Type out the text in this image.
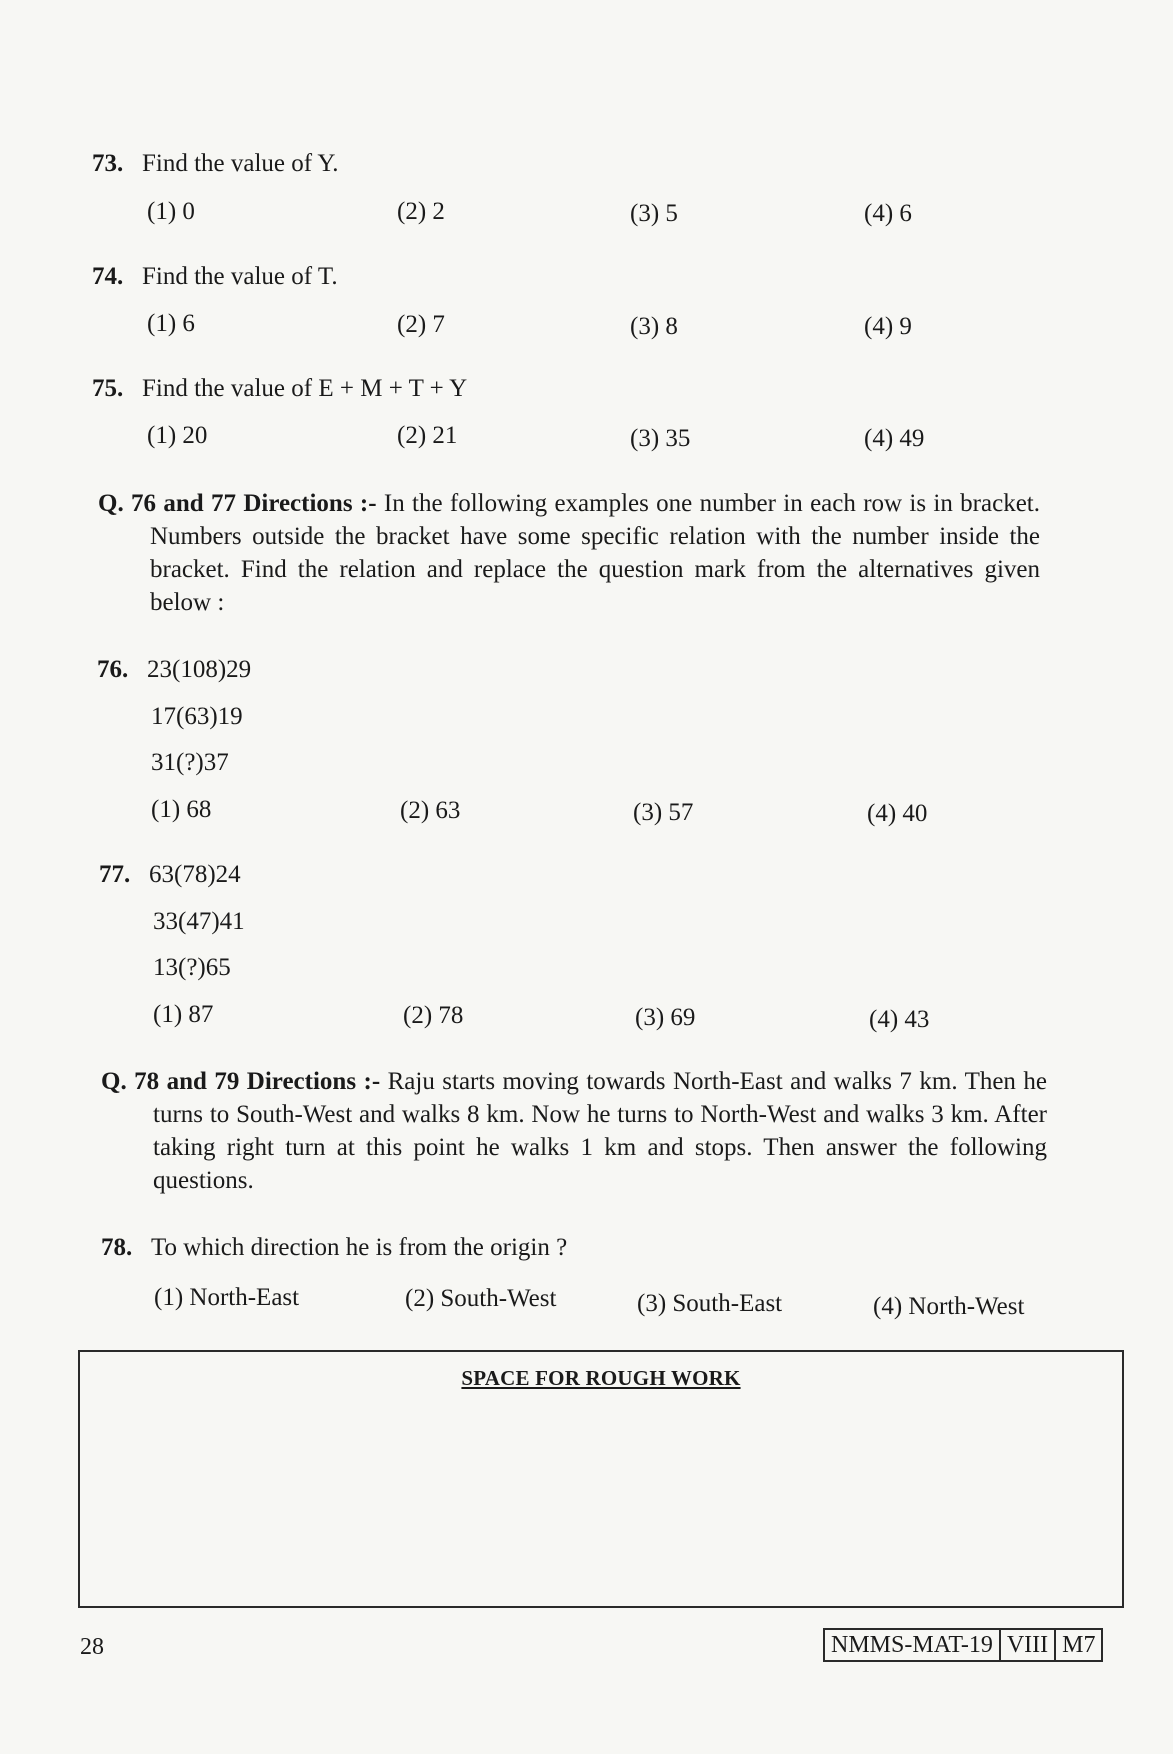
73. Find the value of Y.
(1) 0	(2) 2	(3) 5	(4) 6
74. Find the value of T.
(1) 6	(2) 7	(3) 8	(4) 9
75. Find the value of E + M + T + Y
(1) 20	(2) 21	(3) 35	(4) 49
Q. 76 and 77 Directions :- In the following examples one number in each row is in bracket. Numbers outside the bracket have some specific relation with the number inside the bracket. Find the relation and replace the question mark from the alternatives given below :
76. 23(108)29
17(63)19
31(?)37
(1) 68	(2) 63	(3) 57	(4) 40
77. 63(78)24
33(47)41
13(?)65
(1) 87	(2) 78	(3) 69	(4) 43
Q. 78 and 79 Directions :- Raju starts moving towards North-East and walks 7 km. Then he turns to South-West and walks 8 km. Now he turns to North-West and walks 3 km. After taking right turn at this point he walks 1 km and stops. Then answer the following questions.
78. To which direction he is from the origin ?
(1) North-East	(2) South-West	(3) South-East	(4) North-West
SPACE FOR ROUGH WORK
28	NMMS-MAT-19 VIII M7
